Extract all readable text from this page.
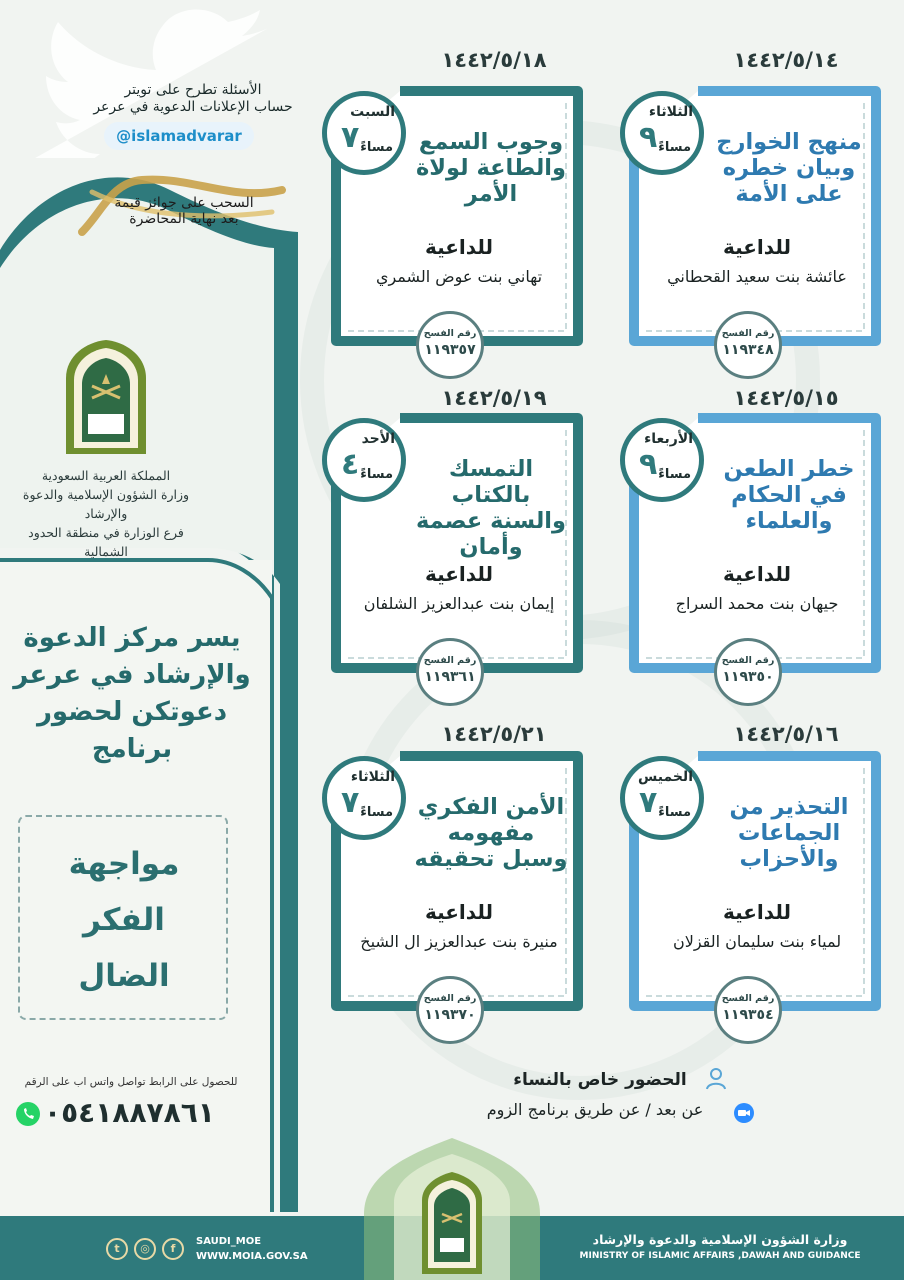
الأسئلة تطرح على تويتر
حساب الإعلانات الدعوية في عرعر
@islamadvarar
السحب على جوائز قيمة
بعد نهاية المحاضرة
المملكة العربية السعودية
وزارة الشؤون الإسلامية والدعوة والإرشاد
فرع الوزارة في منطقة الحدود الشمالية
يسر مركز الدعوة
والإرشاد في عرعر
دعوتكن لحضور
برنامج
مواجهة
الفكر
الضال
للحصول على الرابط تواصل واتس اب على الرقم
٠٥٤١٨٨٧٨٦١
١٤٤٢/٥/١٤
منهج الخوارج
وبيان خطره
على الأمة
للداعية
عائشة بنت سعيد القحطاني
الثلاثاء
٩ مساءً
رقم الفسح
١١٩٣٤٨
١٤٤٢/٥/١٨
وجوب السمع
والطاعة لولاة
الأمر
للداعية
تهاني بنت عوض الشمري
السبت
٧ مساءً
رقم الفسح
١١٩٣٥٧
١٤٤٢/٥/١٥
خطر الطعن
في الحكام
والعلماء
للداعية
جيهان بنت محمد السراج
الأربعاء
٩ مساءً
رقم الفسح
١١٩٣٥٠
١٤٤٢/٥/١٩
التمسك بالكتاب
والسنة عصمة
وأمان
للداعية
إيمان بنت عبدالعزيز الشلفان
الأحد
٤ مساءً
رقم الفسح
١١٩٣٦١
١٤٤٢/٥/١٦
التحذير من
الجماعات
والأحزاب
للداعية
لمياء بنت سليمان القزلان
الخميس
٧ مساءً
رقم الفسح
١١٩٣٥٤
١٤٤٢/٥/٢١
الأمن الفكري
مفهومه
وسبل تحقيقه
للداعية
منيرة بنت عبدالعزيز ال الشيخ
الثلاثاء
٧ مساءً
رقم الفسح
١١٩٣٧٠
الحضور خاص بالنساء
عن بعد / عن طريق برنامج الزوم
وزارة الشؤون الإسلامية والدعوة والإرشاد
MINISTRY OF ISLAMIC AFFAIRS ,DAWAH AND GUIDANCE
SAUDI_MOE
WWW.MOIA.GOV.SA
t	◎	f
